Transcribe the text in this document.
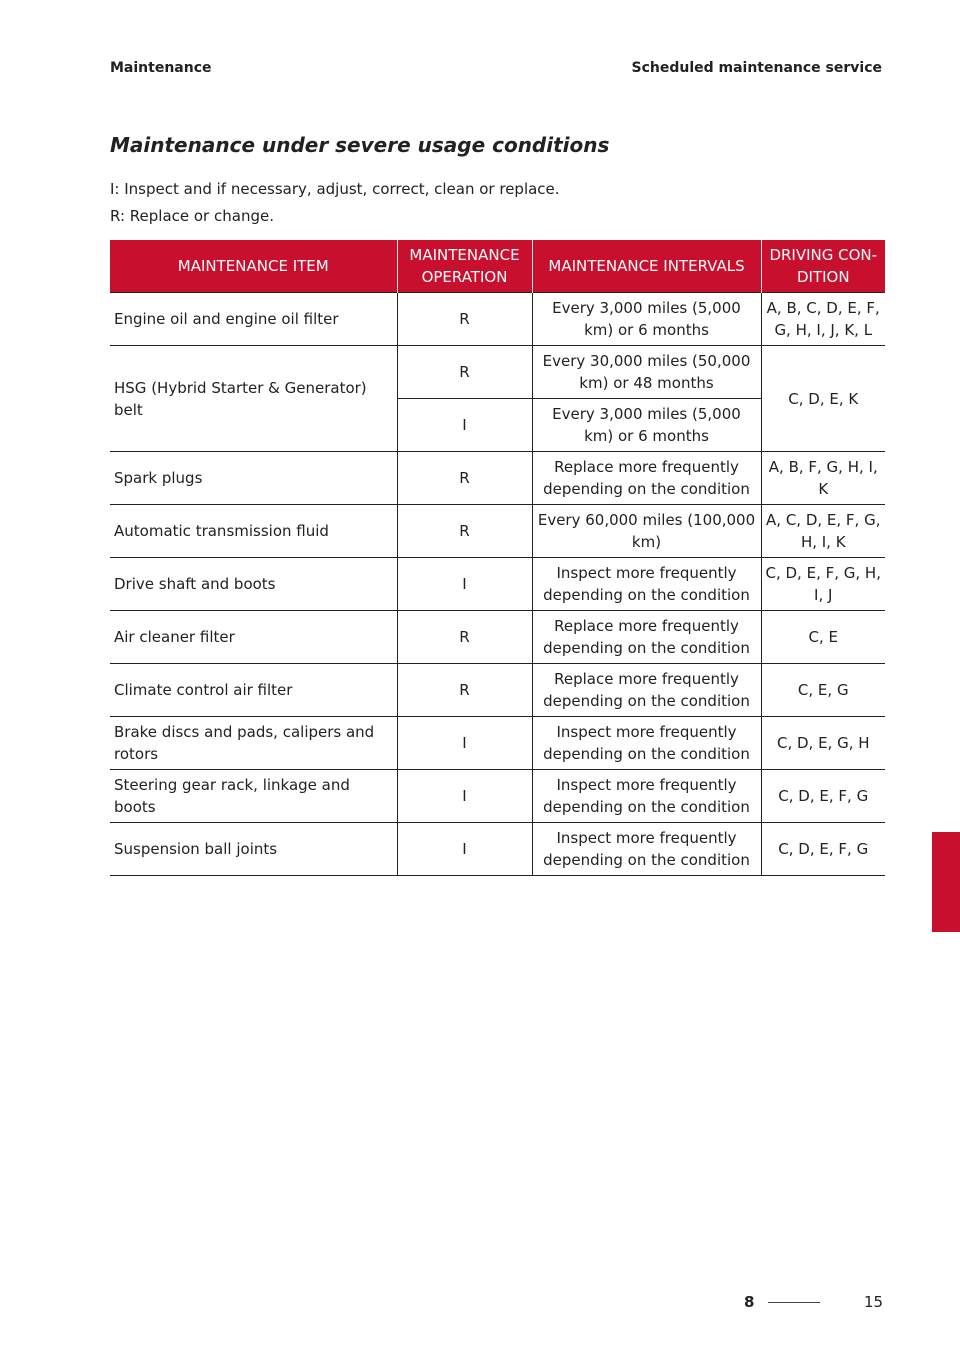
Maintenance	Scheduled maintenance service
Maintenance under severe usage conditions
I: Inspect and if necessary, adjust, correct, clean or replace.
R: Replace or change.
MAINTENANCE ITEM	MAINTENANCE OPERATION	MAINTENANCE INTERVALS	DRIVING CON-DITION
Engine oil and engine oil filter	R	Every 3,000 miles (5,000 km) or 6 months	A, B, C, D, E, F, G, H, I, J, K, L
HSG (Hybrid Starter & Generator) belt	R	Every 30,000 miles (50,000 km) or 48 months	C, D, E, K
	I	Every 3,000 miles (5,000 km) or 6 months	
Spark plugs	R	Replace more frequently depending on the condition	A, B, F, G, H, I, K
Automatic transmission fluid	R	Every 60,000 miles (100,000 km)	A, C, D, E, F, G, H, I, K
Drive shaft and boots	I	Inspect more frequently depending on the condition	C, D, E, F, G, H, I, J
Air cleaner filter	R	Replace more frequently depending on the condition	C, E
Climate control air filter	R	Replace more frequently depending on the condition	C, E, G
Brake discs and pads, calipers and rotors	I	Inspect more frequently depending on the condition	C, D, E, G, H
Steering gear rack, linkage and boots	I	Inspect more frequently depending on the condition	C, D, E, F, G
Suspension ball joints	I	Inspect more frequently depending on the condition	C, D, E, F, G
8
8	15
